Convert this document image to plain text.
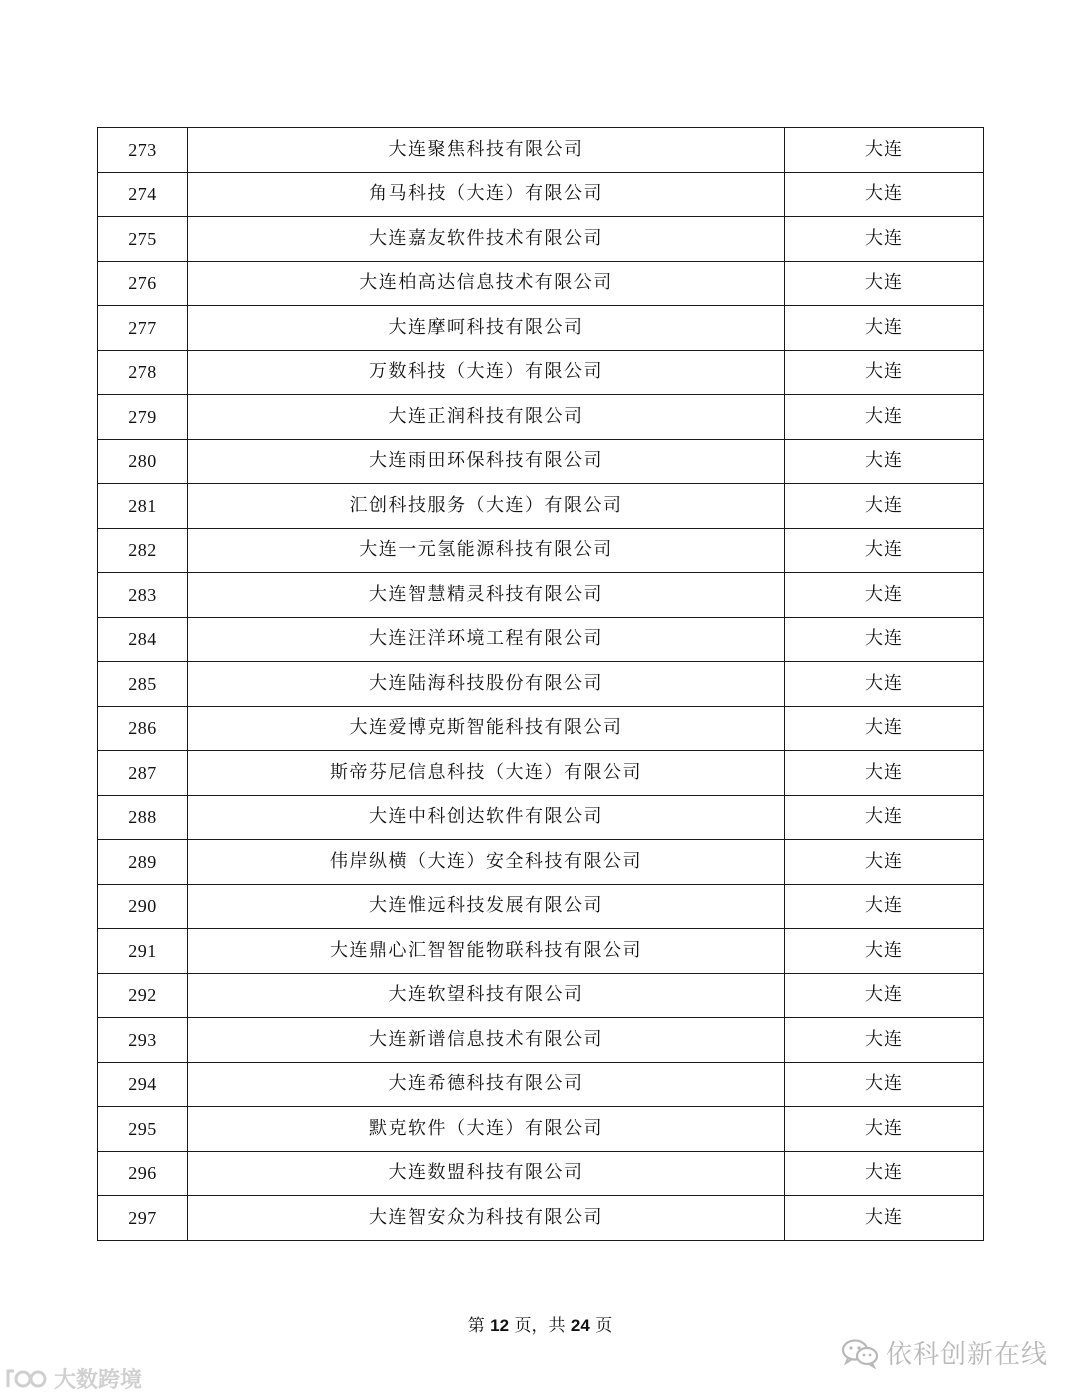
273	大连聚焦科技有限公司	大连
274	角马科技（大连）有限公司	大连
275	大连嘉友软件技术有限公司	大连
276	大连柏高达信息技术有限公司	大连
277	大连摩呵科技有限公司	大连
278	万数科技（大连）有限公司	大连
279	大连正润科技有限公司	大连
280	大连雨田环保科技有限公司	大连
281	汇创科技服务（大连）有限公司	大连
282	大连一元氢能源科技有限公司	大连
283	大连智慧精灵科技有限公司	大连
284	大连汪洋环境工程有限公司	大连
285	大连陆海科技股份有限公司	大连
286	大连爱博克斯智能科技有限公司	大连
287	斯帝芬尼信息科技（大连）有限公司	大连
288	大连中科创达软件有限公司	大连
289	伟岸纵横（大连）安全科技有限公司	大连
290	大连惟远科技发展有限公司	大连
291	大连鼎心汇智智能物联科技有限公司	大连
292	大连软望科技有限公司	大连
293	大连新谱信息技术有限公司	大连
294	大连希德科技有限公司	大连
295	默克软件（大连）有限公司	大连
296	大连数盟科技有限公司	大连
297	大连智安众为科技有限公司	大连
第 12 页，共 24 页
依科创新在线
大数跨境
